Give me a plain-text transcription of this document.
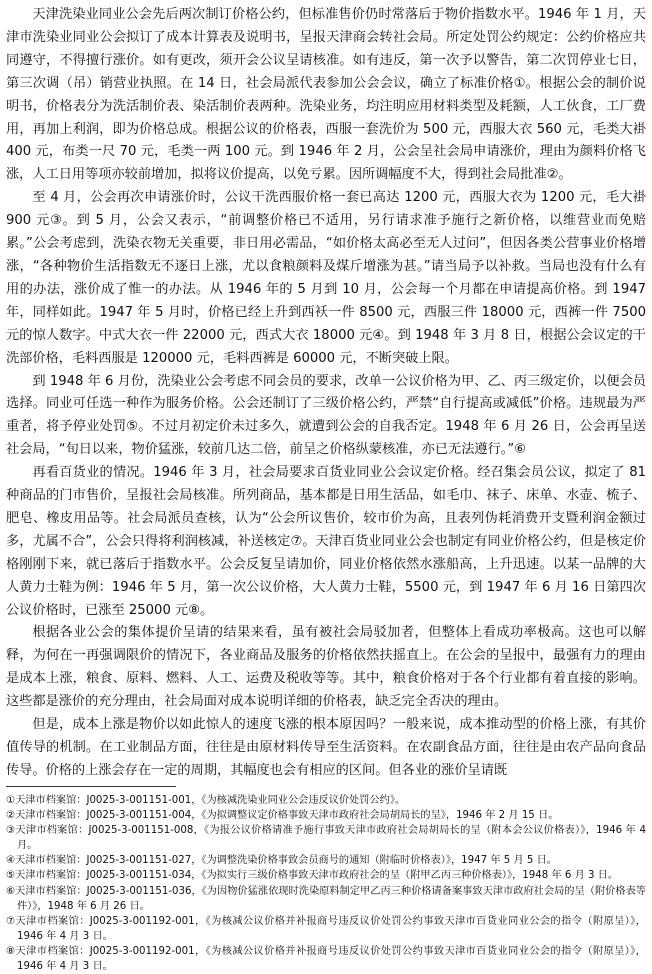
天津洗染业同业公会先后两次制订价格公约，但标准售价仍时常落后于物价指数水平。1946 年 1 月，天津市洗染业同业公会拟订了成本计算表及说明书，呈报天津商会转社会局。所定处罚公约规定：公约价格应共同遵守，不得擅行涨价。如有更改，须开会公议呈请核准。如有违反，第一次予以警告，第二次罚停业七日，第三次调（吊）销营业执照。在 14 日，社会局派代表参加公会会议，确立了标准价格①。根据公会的制价说明书，价格表分为洗活制价表、染活制价表两种。洗染业务，均注明应用材料类型及耗额，人工伙食，工厂费用，再加上利润，即为价格总成。根据公议的价格表，西服一套洗价为 500 元，西服大衣 560 元，毛类大褂 400 元，布类一尺 70 元，毛类一两 100 元。到 1946 年 2 月，公会呈社会局申请涨价，理由为颜料价格飞涨，人工日用等项亦较前增加，拟将议价提高，以免亏累。因所调幅度不大，得到社会局批准②。

至 4 月，公会再次申请涨价时，公议干洗西服价格一套已高达 1200 元，西服大衣为 1200 元，毛大褂 900 元③。到 5 月，公会又表示，“前调整价格已不适用，另行请求准予施行之新价格，以维营业而免赔累。”公会考虑到，洗染衣物无关重要，非日用必需品，“如价格太高必至无人过问”，但因各类公营事业价格增涨，“各种物价生活指数无不逐日上涨，尤以食粮颜料及煤斤增涨为甚。”请当局予以补救。当局也没有什么有用的办法，涨价成了惟一的办法。从 1946 年的 5 月到 10 月，公会每一个月都在申请提高价格。到 1947 年，同样如此。1947 年 5 月时，价格已经上升到西袄一件 8500 元，西服三件 18000 元，西裤一件 7500 元的惊人数字。中式大衣一件 22000 元，西式大衣 18000 元④。到 1948 年 3 月 8 日，根据公会议定的干洗部价格，毛料西服是 120000 元，毛料西裤是 60000 元，不断突破上限。

到 1948 年 6 月份，洗染业公会考虑不同会员的要求，改单一公议价格为甲、乙、丙三级定价，以便会员选择。同业可任选一种作为服务价格。公会还制订了三级价格公约，严禁“自行提高或减低”价格。违规最为严重者，将予停业处罚⑤。不过月初定价未过多久，就遭到公会的自我否定。1948 年 6 月 26 日，公会再呈送社会局，“旬日以来，物价猛涨，较前几达二倍，前呈之价格纵蒙核准，亦已无法遵行。”⑥

再看百货业的情况。1946 年 3 月，社会局要求百货业同业公会议定价格。经召集会员公议，拟定了 81 种商品的门市售价，呈报社会局核准。所列商品，基本都是日用生活品，如毛巾、袜子、床单、水壶、梳子、肥皂、橡皮用品等。社会局派员查核，认为“公会所议售价，较市价为高，且表列伪耗消费开支暨利润金额过多，尤属不合”，公会只得将利润核减，补送核定⑦。天津百货业同业公会也制定有同业价格公约，但是核定价格刚刚下来，就已落后于指数水平。公会反复呈请加价，同业价格依然水涨船高，上升迅速。以某一品牌的大人黄力士鞋为例：1946 年 5 月，第一次公议价格，大人黄力士鞋，5500 元，到 1947 年 6 月 16 日第四次公议价格时，已涨至 25000 元⑧。

根据各业公会的集体提价呈请的结果来看，虽有被社会局驳加者，但整体上看成功率极高。这也可以解释，为何在一再强调限价的情况下，各业商品及服务的价格依然扶摇直上。在公会的呈报中，最强有力的理由是成本上涨，粮食、原料、燃料、人工、运费及税收等等。其中，粮食价格对于各个行业都有着直接的影响。这些都是涨价的充分理由，社会局面对成本说明详细的价格表，缺乏完全否决的理由。

但是，成本上涨是物价以如此惊人的速度飞涨的根本原因吗？一般来说，成本推动型的价格上涨，有其价值传导的机制。在工业制品方面，往往是由原材料传导至生活资料。在农副食品方面，往往是由农产品向食品传导。价格的上涨会存在一定的周期，其幅度也会有相应的区间。但各业的涨价呈请既

①天津市档案馆：J0025-3-001151-001，《为核减洗染业同业公会违反议价处罚公约》。

②天津市档案馆：J0025-3-001151-004，《为拟调整议定价格事致天津市政府社会局胡局长的呈》，1946 年 2 月 15 日。

③天津市档案馆：J0025-3-001151-008，《为报公议价格请准予施行事致天津市政府社会局胡局长的呈（附本会公议价格表）》，1946 年 4 月。

④天津市档案馆：J0025-3-001151-027，《为调整洗染价格事致会员商号的通知（附临时价格表）》，1947 年 5 月 5 日。

⑤天津市档案馆：J0025-3-001151-034，《为拟实行三级价格事致天津市政府社会的呈（附甲乙丙三种价格表）》，1948 年 6 月 3 日。

⑥天津市档案馆：J0025-3-001151-036，《为因物价猛涨依现时洗染原料制定甲乙丙三种价格请备案事致天津市政府社会局的呈（附价格表等件）》，1948 年 6 月 26 日。

⑦天津市档案馆：J0025-3-001192-001，《为核减公议价格并补报商号违反议价处罚公约事致天津市百货业同业公会的指令（附原呈）》，1946 年 4 月 3 日。

⑧天津市档案馆：J0025-3-001192-001，《为核减公议价格并补报商号违反议价处罚公约事致天津市百货业同业公会的指令（附原呈）》，1946 年 4 月 3 日。
